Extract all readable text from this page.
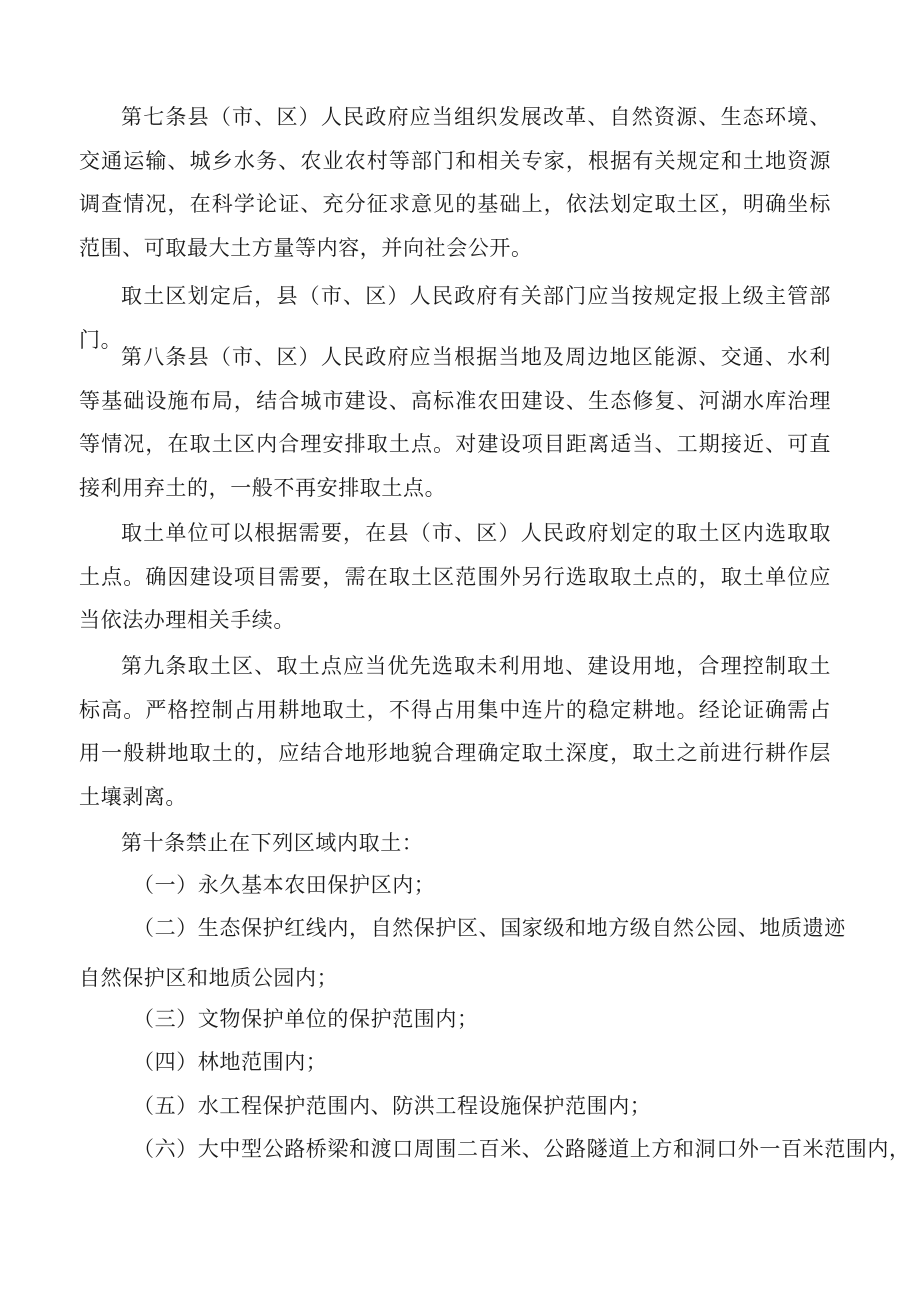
第七条县（市、区）人民政府应当组织发展改革、自然资源、生态环境、交通运输、城乡水务、农业农村等部门和相关专家，根据有关规定和土地资源调查情况，在科学论证、充分征求意见的基础上，依法划定取土区，明确坐标范围、可取最大土方量等内容，并向社会公开。

取土区划定后，县（市、区）人民政府有关部门应当按规定报上级主管部门。

第八条县（市、区）人民政府应当根据当地及周边地区能源、交通、水利等基础设施布局，结合城市建设、高标准农田建设、生态修复、河湖水库治理等情况，在取土区内合理安排取土点。对建设项目距离适当、工期接近、可直接利用弃土的，一般不再安排取土点。

取土单位可以根据需要，在县（市、区）人民政府划定的取土区内选取取土点。确因建设项目需要，需在取土区范围外另行选取取土点的，取土单位应当依法办理相关手续。

第九条取土区、取土点应当优先选取未利用地、建设用地，合理控制取土标高。严格控制占用耕地取土，不得占用集中连片的稳定耕地。经论证确需占用一般耕地取土的，应结合地形地貌合理确定取土深度，取土之前进行耕作层土壤剥离。

第十条禁止在下列区域内取土：

（一）永久基本农田保护区内；

（二）生态保护红线内，自然保护区、国家级和地方级自然公园、地质遗迹

自然保护区和地质公园内；

（三）文物保护单位的保护范围内；

（四）林地范围内；

（五）水工程保护范围内、防洪工程设施保护范围内；

（六）大中型公路桥梁和渡口周围二百米、公路隧道上方和洞口外一百米范围内，
